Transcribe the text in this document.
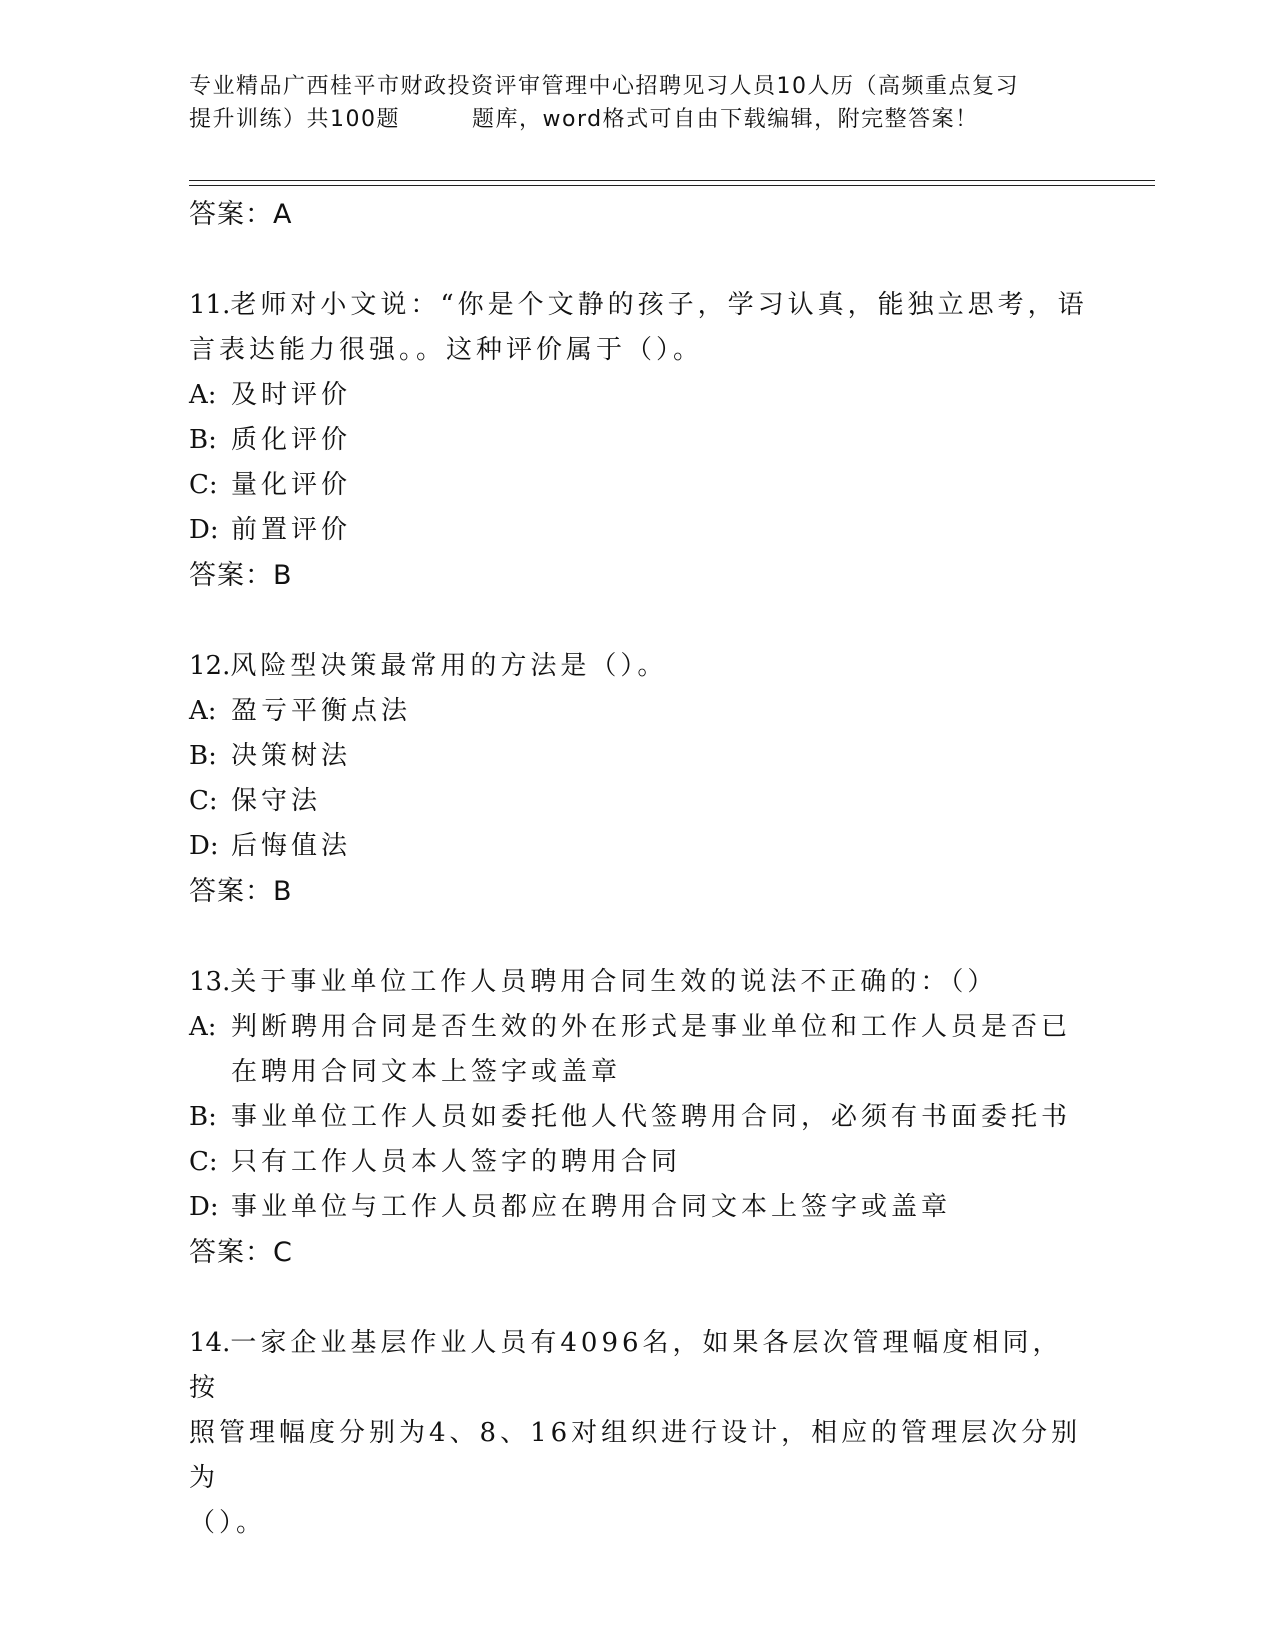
专业精品广西桂平市财政投资评审管理中心招聘见习人员10人历（高频重点复习
提升训练）共100题	题库，word格式可自由下载编辑，附完整答案！
答案：A
11.老师对小文说：“你是个文静的孩子，学习认真，能独立思考，语
言表达能力很强。。这种评价属于（）。
A: 及时评价
B: 质化评价
C: 量化评价
D: 前置评价
答案：B
12.风险型决策最常用的方法是（）。
A: 盈亏平衡点法
B: 决策树法
C: 保守法
D: 后悔值法
答案：B
13.关于事业单位工作人员聘用合同生效的说法不正确的：（）
A: 判断聘用合同是否生效的外在形式是事业单位和工作人员是否已在聘用合同文本上签字或盖章
B: 事业单位工作人员如委托他人代签聘用合同，必须有书面委托书
C: 只有工作人员本人签字的聘用合同
D: 事业单位与工作人员都应在聘用合同文本上签字或盖章
答案：C
14.一家企业基层作业人员有4096名，如果各层次管理幅度相同，按
照管理幅度分别为4、8、16对组织进行设计，相应的管理层次分别为
（）。
